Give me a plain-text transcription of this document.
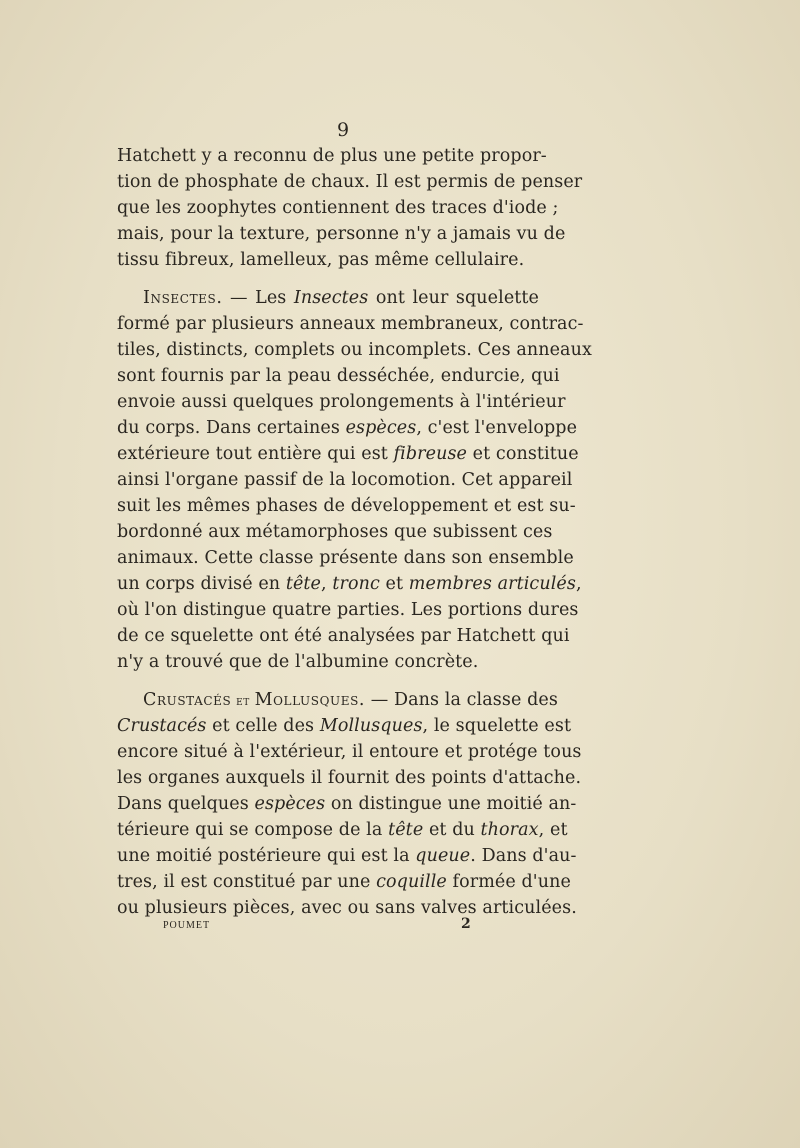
9
Hatchett y a reconnu de plus une petite propor-
tion de phosphate de chaux. Il est permis de penser
que les zoophytes contiennent des traces d'iode ;
mais, pour la texture, personne n'y a jamais vu de
tissu fibreux, lamelleux, pas même cellulaire.
Insectes. — Les Insectes ont leur squelette
formé par plusieurs anneaux membraneux, contrac-
tiles, distincts, complets ou incomplets. Ces anneaux
sont fournis par la peau desséchée, endurcie, qui
envoie aussi quelques prolongements à l'intérieur
du corps. Dans certaines espèces, c'est l'enveloppe
extérieure tout entière qui est fibreuse et constitue
ainsi l'organe passif de la locomotion. Cet appareil
suit les mêmes phases de développement et est su-
bordonné aux métamorphoses que subissent ces
animaux. Cette classe présente dans son ensemble
un corps divisé en tête, tronc et membres articulés,
où l'on distingue quatre parties. Les portions dures
de ce squelette ont été analysées par Hatchett qui
n'y a trouvé que de l'albumine concrète.
Crustacés et Mollusques. — Dans la classe des
Crustacés et celle des Mollusques, le squelette est
encore situé à l'extérieur, il entoure et protége tous
les organes auxquels il fournit des points d'attache.
Dans quelques espèces on distingue une moitié an-
térieure qui se compose de la tête et du thorax, et
une moitié postérieure qui est la queue. Dans d'au-
tres, il est constitué par une coquille formée d'une
POUMET	2
ou plusieurs pièces, avec ou sans valves articulées.
